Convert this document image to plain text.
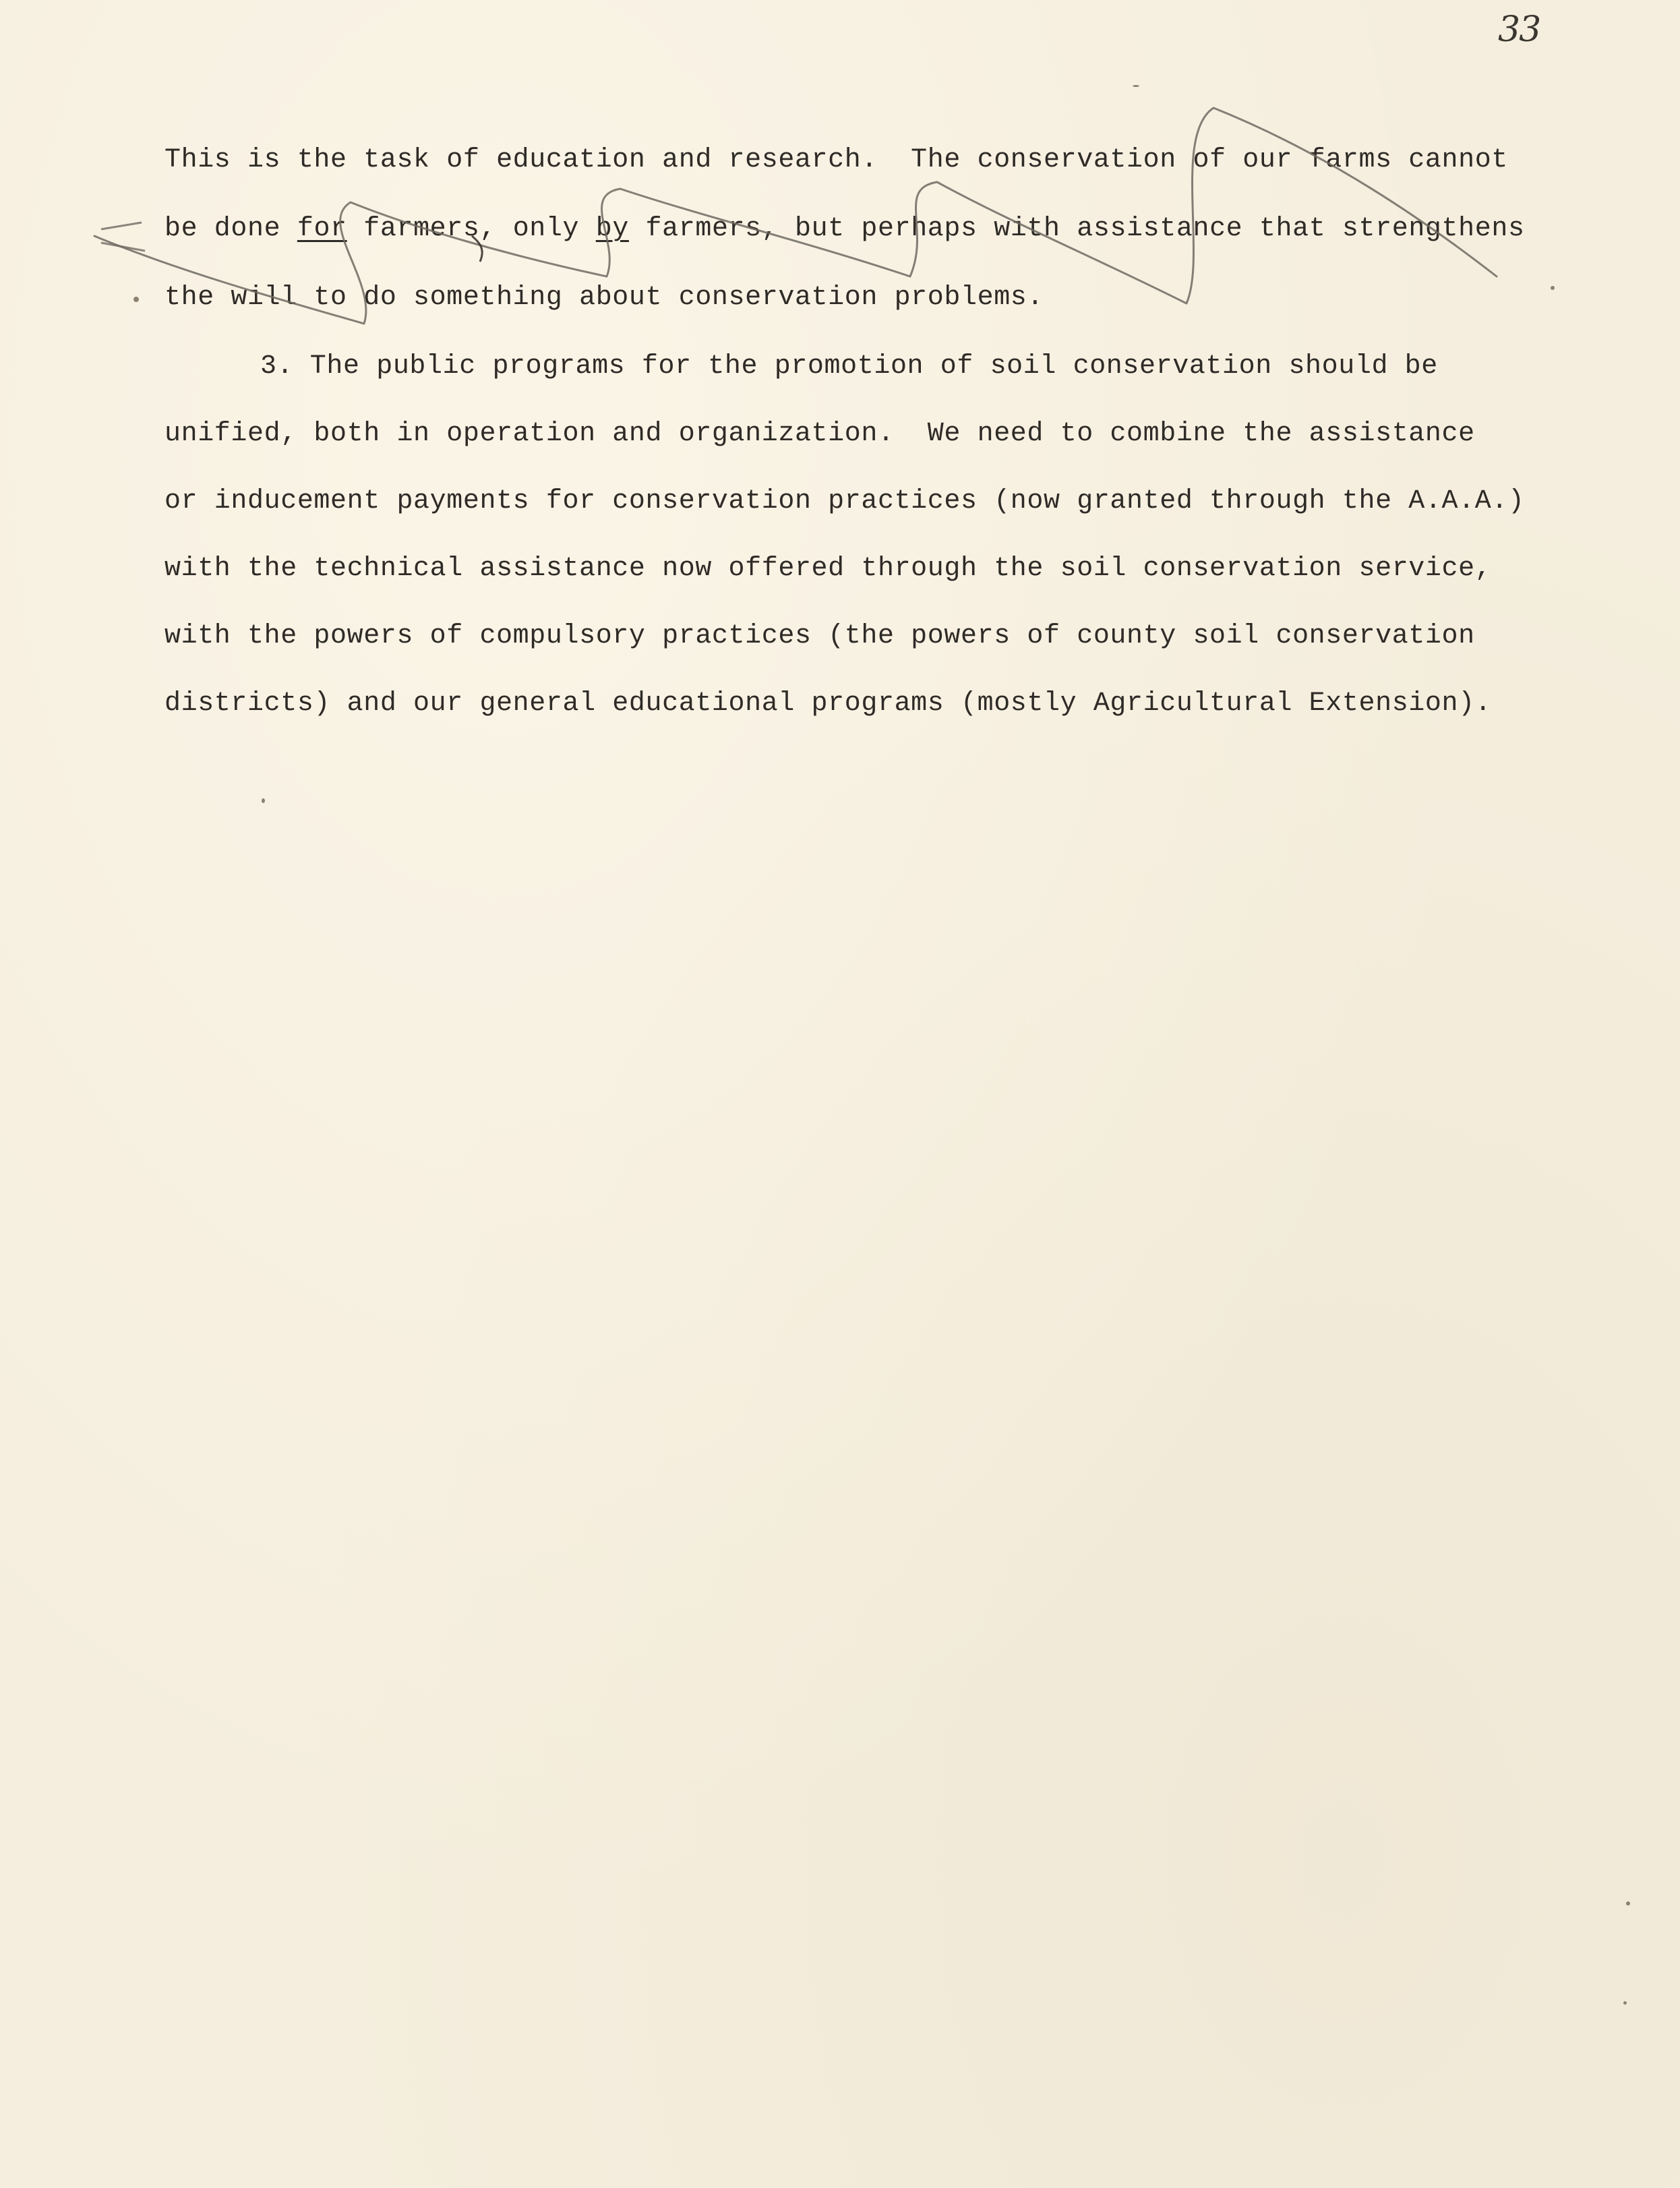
33
This is the task of education and research.  The conservation of our farms cannot
be done for farmers, only by farmers, but perhaps with assistance that strengthens
the will to do something about conservation problems.
3. The public programs for the promotion of soil conservation should be
unified, both in operation and organization.  We need to combine the assistance
or inducement payments for conservation practices (now granted through the A.A.A.)
with the technical assistance now offered through the soil conservation service,
with the powers of compulsory practices (the powers of county soil conservation
districts) and our general educational programs (mostly Agricultural Extension).
